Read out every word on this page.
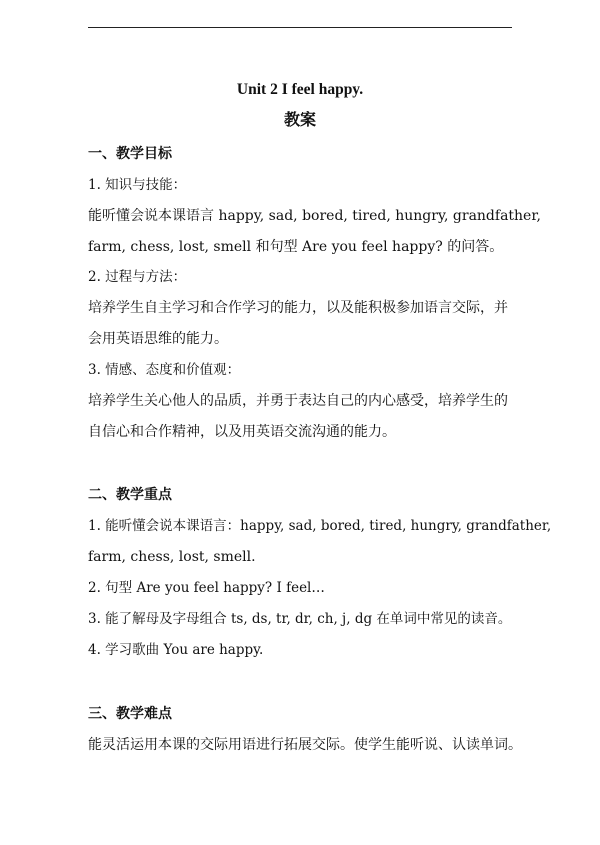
Unit 2 I feel happy.
教案
一、教学目标
1. 知识与技能：
能听懂会说本课语言 happy, sad, bored, tired, hungry, grandfather,
farm, chess, lost, smell 和句型 Are you feel happy? 的问答。
2. 过程与方法：
培养学生自主学习和合作学习的能力，以及能积极参加语言交际，并
会用英语思维的能力。
3. 情感、态度和价值观：
培养学生关心他人的品质，并勇于表达自己的内心感受，培养学生的
自信心和合作精神，以及用英语交流沟通的能力。
二、教学重点
1. 能听懂会说本课语言：happy, sad, bored, tired, hungry, grandfather,
farm, chess, lost, smell.
2. 句型 Are you feel happy? I feel…
3. 能了解母及字母组合 ts, ds, tr, dr, ch, j, dg 在单词中常见的读音。
4. 学习歌曲 You are happy.
三、教学难点
能灵活运用本课的交际用语进行拓展交际。使学生能听说、认读单词。
